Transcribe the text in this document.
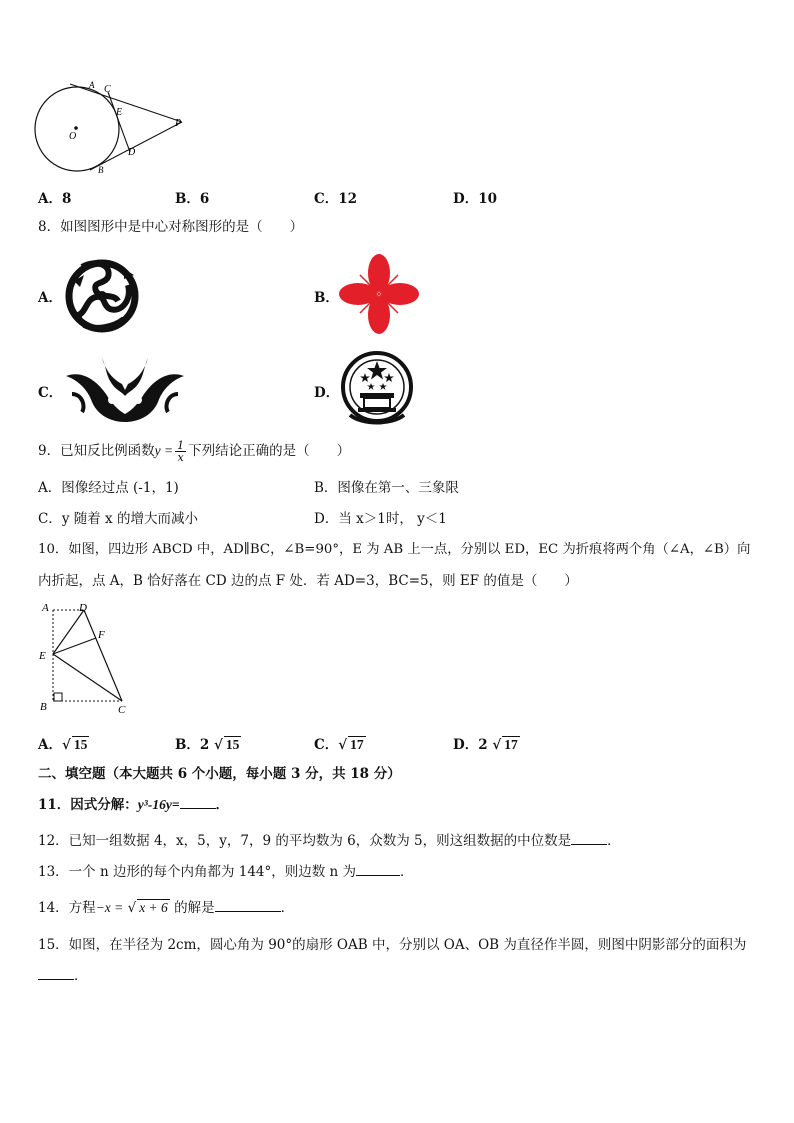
A C
E
O
D
B
P
A．8	B．6	C．12	D．10
8．如图图形中是中心对称图形的是（　　）
A．	B．
C．	D．
9．已知反比例函数$y = \frac{1}{x}$ 下列结论正确的是（　　）
A．图像经过点 (-1，1)	B．图像在第一、三象限
C．y 随着 x 的增大而减小	D．当 x＞1时， y＜1
10．如图，四边形 ABCD 中，AD∥BC，∠B=90°，E 为 AB 上一点，分别以 ED，EC 为折痕将两个角（∠A，∠B）向
内折起，点 A，B 恰好落在 CD 边的点 F 处．若 AD=3，BC=5，则 EF 的值是（　　）
A	D
F
E
B	C
A．√ 15	B．2 √ 15	C．√ 17	D．2 √ 17
二、填空题（本大题共 6 个小题，每小题 3 分，共 18 分）
11．因式分解：y³-16y=	．
12．已知一组数据 4，x，5，y，7，9 的平均数为 6，众数为 5，则这组数据的中位数是	．
13．一个 n 边形的每个内角都为 144°，则边数 n 为	．
14．方程−x = √ x + 6 的解是	．
15．如图，在半径为 2cm，圆心角为 90°的扇形 OAB 中，分别以 OA、OB 为直径作半圆，则图中阴影部分的面积为
．
